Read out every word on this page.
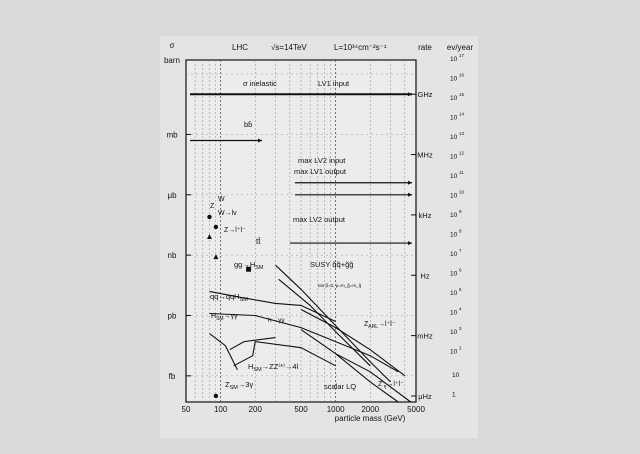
σ
barn
LHC	√s=14TeV	L=10³⁴cm⁻²s⁻¹	rate ev/year
mb
μb
nb
pb
fb
GHz
MHz
kHz
Hz
mHz
μHz
10
17
10
16
10
15
10
14
10
13
10
12
10
11
10
10
10
9
10
8
10
7
10
6
10
5
10
4
10
3
10
2
10
1
50	100	200	500 1000 2000	5000
particle mass (GeV)
σ inelastic	LV1 input
bb̄
max LV2 input
max LV1 output
max LV2 output
W
Z
W→lν
Z→l⁺l⁻
tt̄
$gg\to H_{SM}$
qq→qqH$_{SM}$
$H_{SM}\to\gamma\gamma$
h→γγ
$H_{SM}\to ZZ^(*^)\to 4l$
SUSY q̃q̃+g̃g̃
tan β=2, μ=m_g̃=m_q̃
$Z_{ARL}\to l^+l^-$
scalar LQ	$Z'_\eta\to l^+l^-$
$Z_{SM}\to 3\gamma$
